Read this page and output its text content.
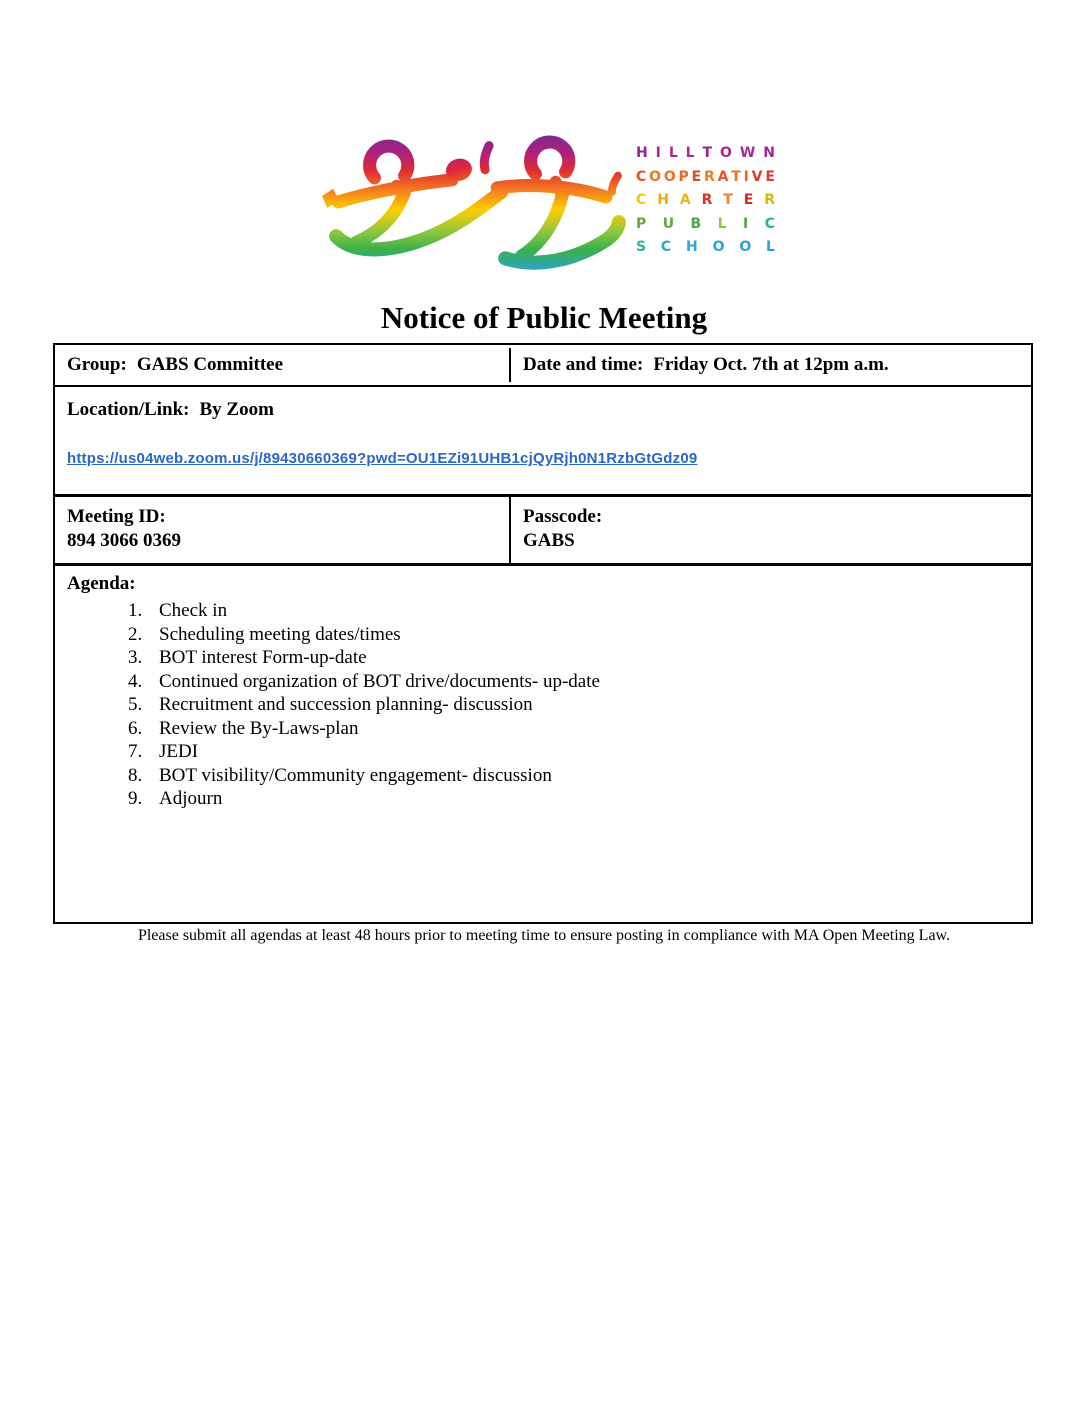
H I L L T O W N
C O O P E R A T I V E
C H A R T E R
P U B L I C
S C H O O L
Notice of Public Meeting
Group: GABS Committee	Date and time: Friday Oct. 7th at 12pm a.m.
Location/Link: By Zoom
https://us04web.zoom.us/j/89430660369?pwd=OU1EZi91UHB1cjQyRjh0N1RzbGtGdz09
Meeting ID:
894 3066 0369
Passcode:
GABS
Agenda:
1. Check in
2. Scheduling meeting dates/times
3. BOT interest Form-up-date
4. Continued organization of BOT drive/documents- up-date
5. Recruitment and succession planning- discussion
6. Review the By-Laws-plan
7. JEDI
8. BOT visibility/Community engagement- discussion
9. Adjourn
Please submit all agendas at least 48 hours prior to meeting time to ensure posting in compliance with MA Open Meeting Law.
